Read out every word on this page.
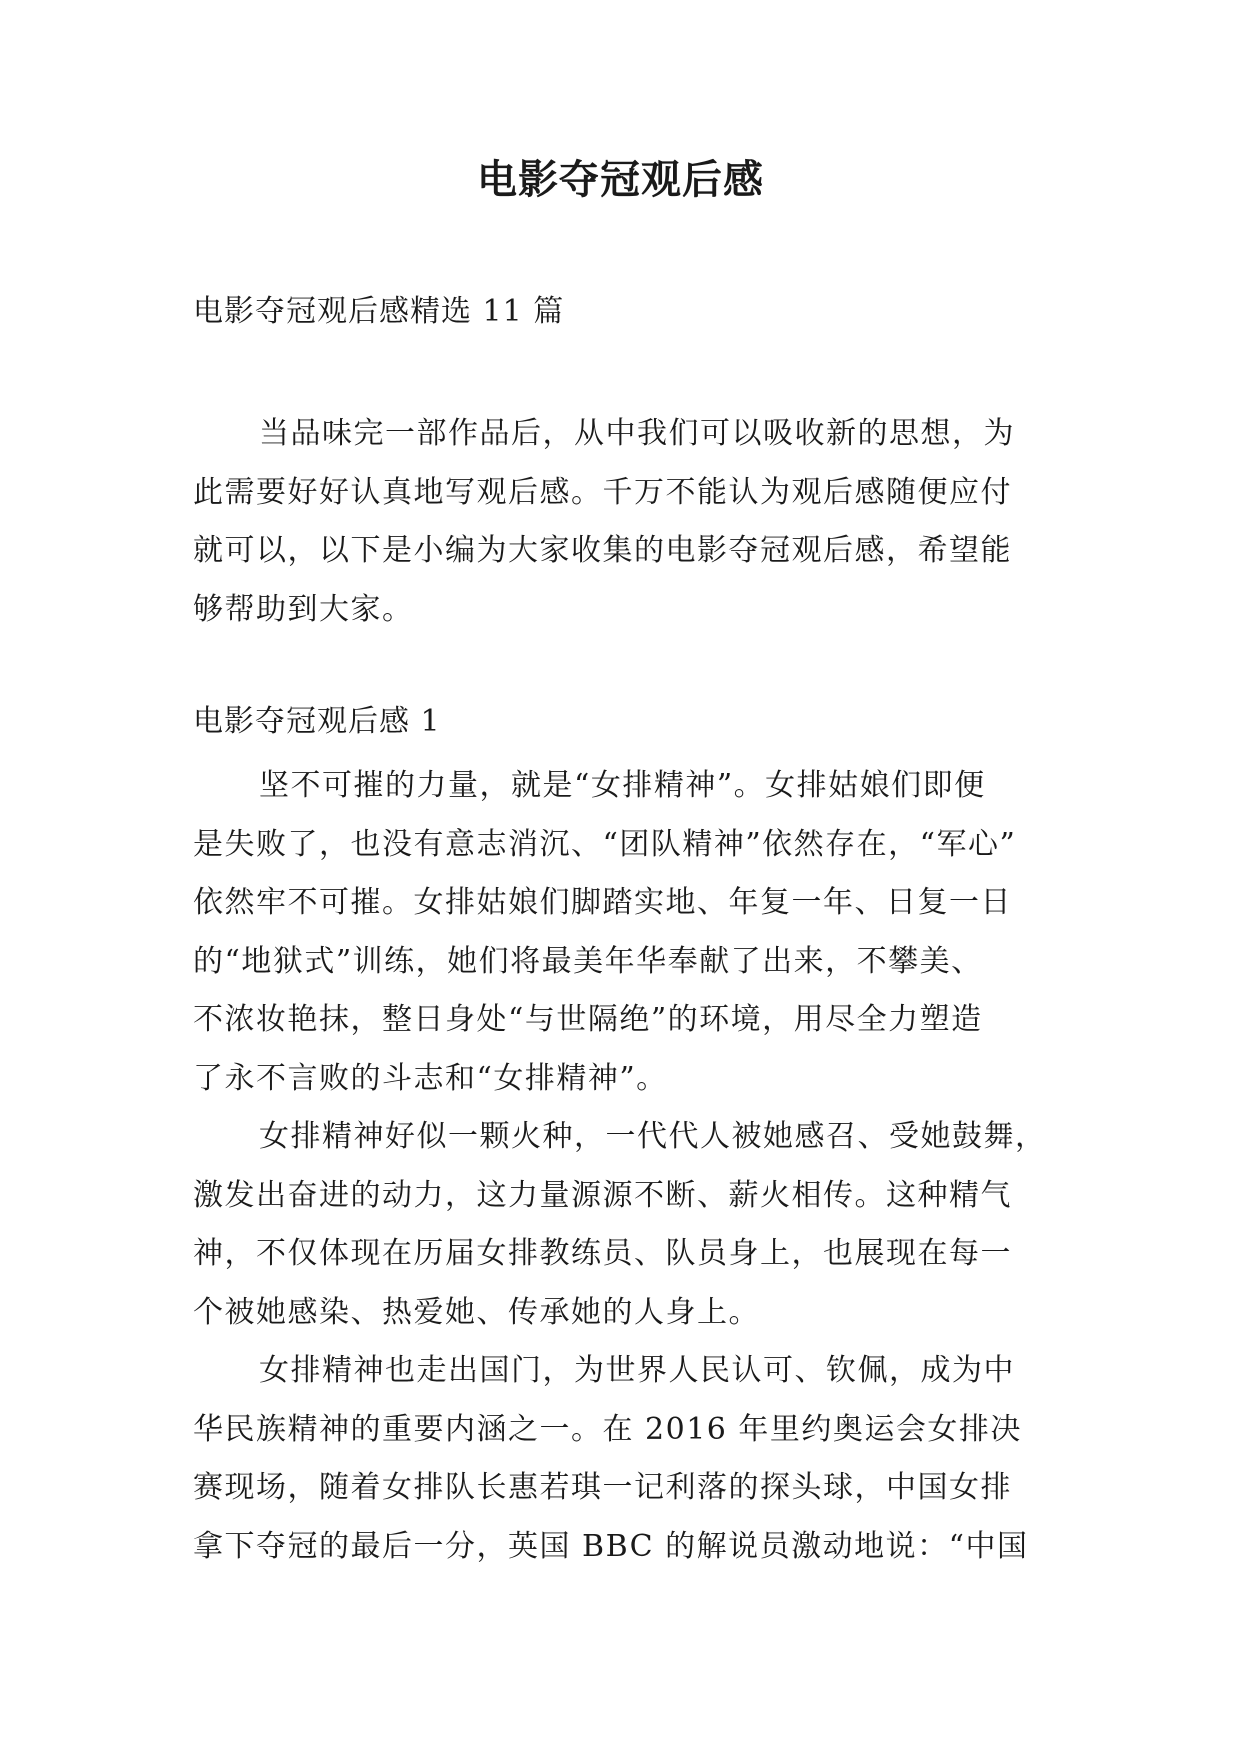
电影夺冠观后感
电影夺冠观后感精选 11 篇
当品味完一部作品后，从中我们可以吸收新的思想，为
此需要好好认真地写观后感。千万不能认为观后感随便应付
就可以，以下是小编为大家收集的电影夺冠观后感，希望能
够帮助到大家。
电影夺冠观后感 1
坚不可摧的力量，就是“女排精神”。女排姑娘们即便
是失败了，也没有意志消沉、“团队精神”依然存在，“军心”
依然牢不可摧。女排姑娘们脚踏实地、年复一年、日复一日
的“地狱式”训练，她们将最美年华奉献了出来，不攀美、
不浓妆艳抹，整日身处“与世隔绝”的环境，用尽全力塑造
了永不言败的斗志和“女排精神”。
女排精神好似一颗火种，一代代人被她感召、受她鼓舞，
激发出奋进的动力，这力量源源不断、薪火相传。这种精气
神，不仅体现在历届女排教练员、队员身上，也展现在每一
个被她感染、热爱她、传承她的人身上。
女排精神也走出国门，为世界人民认可、钦佩，成为中
华民族精神的重要内涵之一。在 2016 年里约奥运会女排决
赛现场，随着女排队长惠若琪一记利落的探头球，中国女排
拿下夺冠的最后一分，英国 BBC 的解说员激动地说：“中国
